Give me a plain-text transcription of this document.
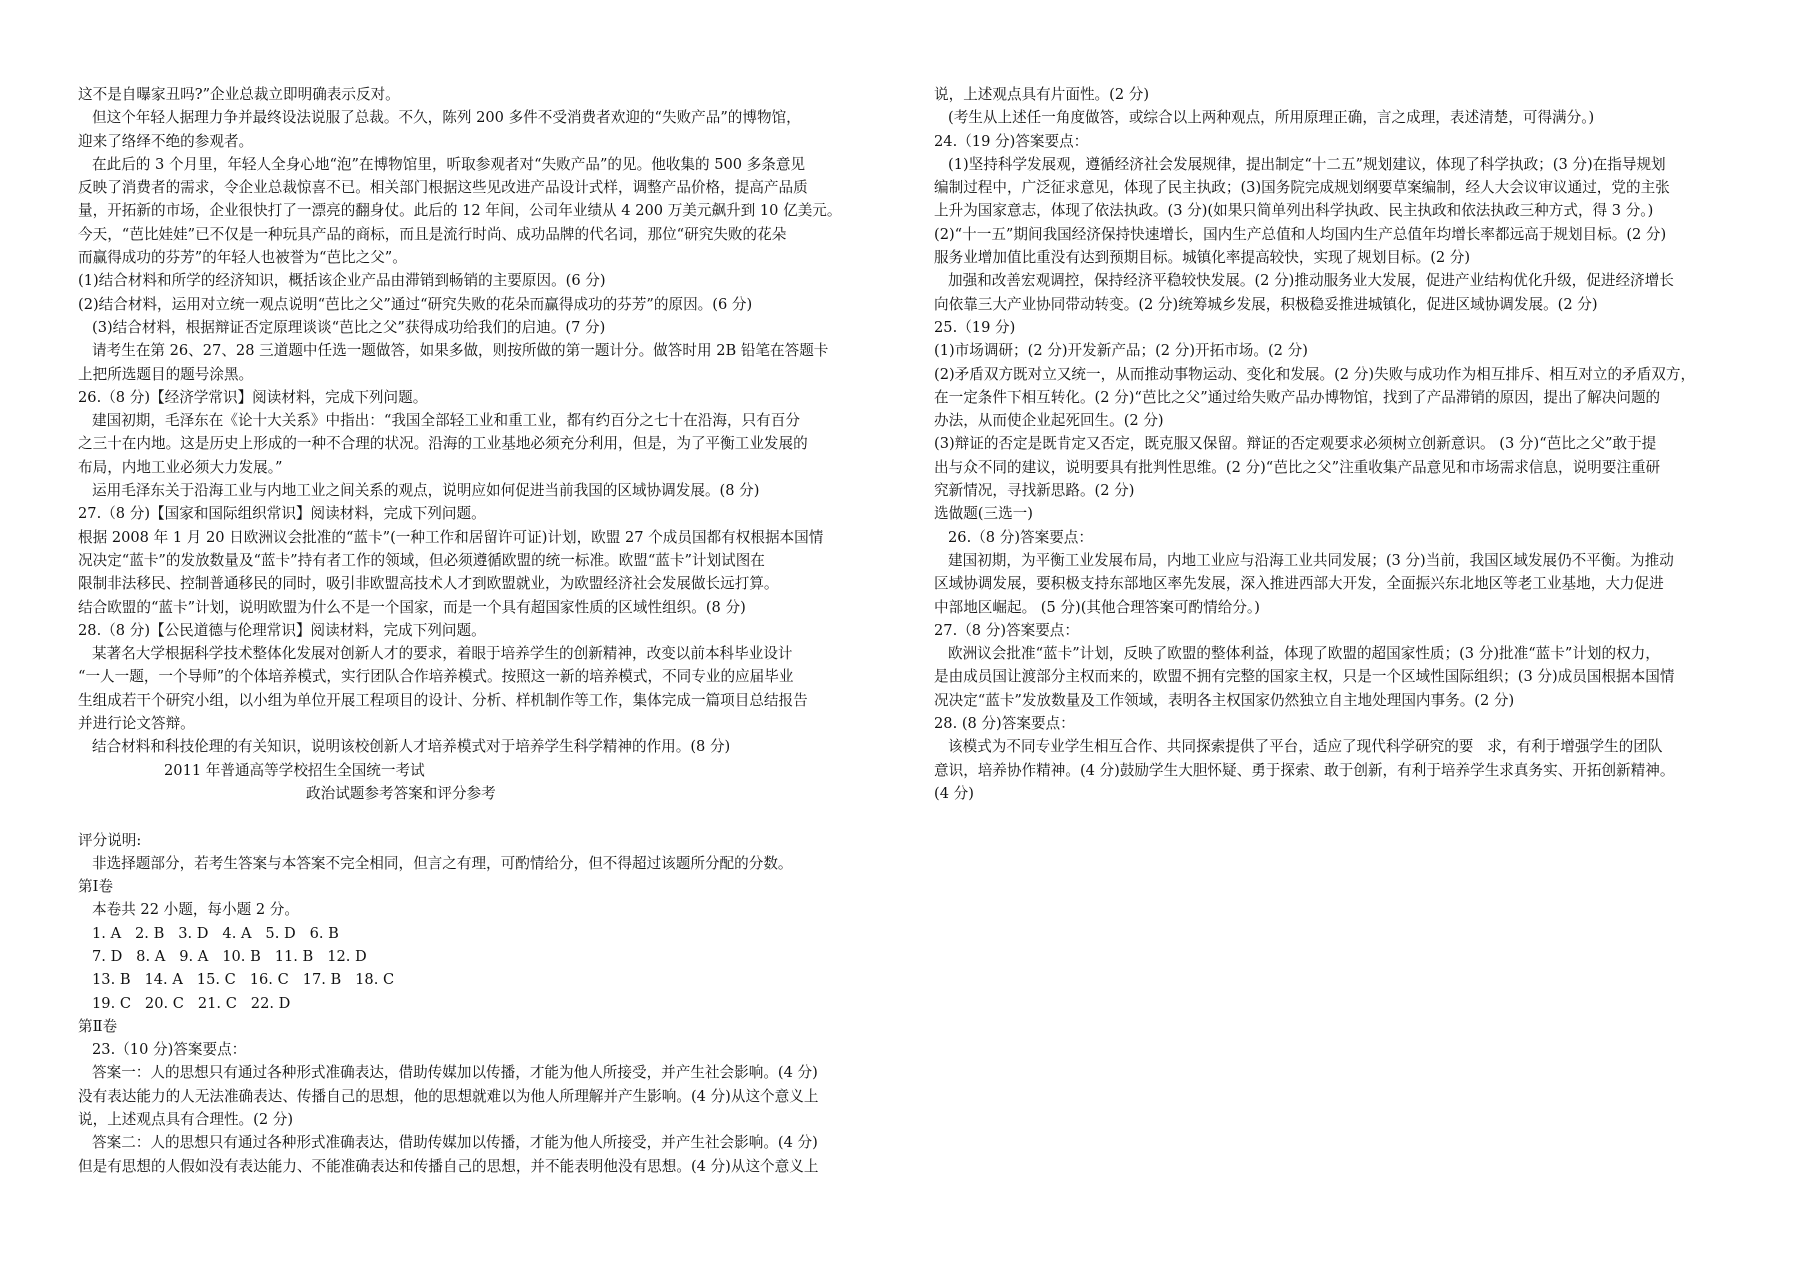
这不是自曝家丑吗?”企业总裁立即明确表示反对。
但这个年轻人据理力争并最终设法说服了总裁。不久，陈列 200 多件不受消费者欢迎的“失败产品”的博物馆，
迎来了络绎不绝的参观者。
在此后的 3 个月里，年轻人全身心地“泡”在博物馆里，听取参观者对“失败产品”的见。他收集的 500 多条意见
反映了消费者的需求，令企业总裁惊喜不已。相关部门根据这些见改进产品设计式样，调整产品价格，提高产品质
量，开拓新的市场，企业很快打了一漂亮的翻身仗。此后的 12 年间，公司年业绩从 4 200 万美元飙升到 10 亿美元。
今天，“芭比娃娃”已不仅是一种玩具产品的商标，而且是流行时尚、成功品牌的代名词，那位“研究失败的花朵
而赢得成功的芬芳”的年轻人也被誉为“芭比之父”。
(1)结合材料和所学的经济知识，概括该企业产品由滞销到畅销的主要原因。(6 分)
(2)结合材料，运用对立统一观点说明“芭比之父”通过“研究失败的花朵而赢得成功的芬芳”的原因。(6 分)
(3)结合材料，根据辩证否定原理谈谈“芭比之父”获得成功给我们的启迪。(7 分)
请考生在第 26、27、28 三道题中任选一题做答，如果多做，则按所做的第一题计分。做答时用 2B 铅笔在答题卡
上把所选题目的题号涂黑。
26.（8 分)【经济学常识】阅读材料，完成下列问题。
建国初期，毛泽东在《论十大关系》中指出：“我国全部轻工业和重工业，都有约百分之七十在沿海，只有百分
之三十在内地。这是历史上形成的一种不合理的状况。沿海的工业基地必须充分利用，但是，为了平衡工业发展的
布局，内地工业必须大力发展。”
运用毛泽东关于沿海工业与内地工业之间关系的观点，说明应如何促进当前我国的区域协调发展。(8 分)
27.（8 分)【国家和国际组织常识】阅读材料，完成下列问题。
根据 2008 年 1 月 20 日欧洲议会批准的“蓝卡”(一种工作和居留许可证)计划，欧盟 27 个成员国都有权根据本国情
况决定“蓝卡”的发放数量及“蓝卡”持有者工作的领域，但必须遵循欧盟的统一标准。欧盟“蓝卡”计划试图在
限制非法移民、控制普通移民的同时，吸引非欧盟高技术人才到欧盟就业，为欧盟经济社会发展做长远打算。
结合欧盟的“蓝卡”计划，说明欧盟为什么不是一个国家，而是一个具有超国家性质的区域性组织。(8 分)
28.（8 分)【公民道德与伦理常识】阅读材料，完成下列问题。
某著名大学根据科学技术整体化发展对创新人才的要求，着眼于培养学生的创新精神，改变以前本科毕业设计
“一人一题，一个导师”的个体培养模式，实行团队合作培养模式。按照这一新的培养模式，不同专业的应届毕业
生组成若干个研究小组，以小组为单位开展工程项目的设计、分析、样机制作等工作，集体完成一篇项目总结报告
并进行论文答辩。
结合材料和科技伦理的有关知识，说明该校创新人才培养模式对于培养学生科学精神的作用。(8 分)
2011 年普通高等学校招生全国统一考试
政治试题参考答案和评分参考
评分说明:
非选择题部分，若考生答案与本答案不完全相同，但言之有理，可酌情给分，但不得超过该题所分配的分数。
第Ⅰ卷
本卷共 22 小题，每小题 2 分。
1. A   2. B   3. D   4. A   5. D   6. B
7. D   8. A   9. A   10. B   11. B   12. D
13. B   14. A   15. C   16. C   17. B   18. C
19. C   20. C   21. C   22. D
第Ⅱ卷
23.（10 分)答案要点：
答案一：人的思想只有通过各种形式准确表达，借助传媒加以传播，才能为他人所接受，并产生社会影响。(4 分)
没有表达能力的人无法准确表达、传播自己的思想，他的思想就难以为他人所理解并产生影响。(4 分)从这个意义上
说，上述观点具有合理性。(2 分)
答案二：人的思想只有通过各种形式准确表达，借助传媒加以传播，才能为他人所接受，并产生社会影响。(4 分)
但是有思想的人假如没有表达能力、不能准确表达和传播自己的思想，并不能表明他没有思想。(4 分)从这个意义上
说，上述观点具有片面性。(2 分)
(考生从上述任一角度做答，或综合以上两种观点，所用原理正确，言之成理，表述清楚，可得满分。)
24.（19 分)答案要点：
(1)坚持科学发展观，遵循经济社会发展规律，提出制定“十二五”规划建议，体现了科学执政；(3 分)在指导规划
编制过程中，广泛征求意见，体现了民主执政；(3)国务院完成规划纲要草案编制，经人大会议审议通过，党的主张
上升为国家意志，体现了依法执政。(3 分)(如果只简单列出科学执政、民主执政和依法执政三种方式，得 3 分。)
(2)“十一五”期间我国经济保持快速增长，国内生产总值和人均国内生产总值年均增长率都远高于规划目标。(2 分)
服务业增加值比重没有达到预期目标。城镇化率提高较快，实现了规划目标。(2 分)
加强和改善宏观调控，保持经济平稳较快发展。(2 分)推动服务业大发展，促进产业结构优化升级，促进经济增长
向依靠三大产业协同带动转变。(2 分)统筹城乡发展，积极稳妥推进城镇化，促进区域协调发展。(2 分)
25.（19 分)
(1)市场调研；(2 分)开发新产品；(2 分)开拓市场。(2 分)
(2)矛盾双方既对立又统一，从而推动事物运动、变化和发展。(2 分)失败与成功作为相互排斥、相互对立的矛盾双方，
在一定条件下相互转化。(2 分)“芭比之父”通过给失败产品办博物馆，找到了产品滞销的原因，提出了解决问题的
办法，从而使企业起死回生。(2 分)
(3)辩证的否定是既肯定又否定，既克服又保留。辩证的否定观要求必须树立创新意识。 (3 分)“芭比之父”敢于提
出与众不同的建议，说明要具有批判性思维。(2 分)“芭比之父”注重收集产品意见和市场需求信息，说明要注重研
究新情况，寻找新思路。(2 分)
选做题(三选一)
26.（8 分)答案要点：
建国初期，为平衡工业发展布局，内地工业应与沿海工业共同发展；(3 分)当前，我国区域发展仍不平衡。为推动
区域协调发展，要积极支持东部地区率先发展，深入推进西部大开发，全面振兴东北地区等老工业基地，大力促进
中部地区崛起。 (5 分)(其他合理答案可酌情给分。)
27.（8 分)答案要点：
欧洲议会批准“蓝卡”计划，反映了欧盟的整体利益，体现了欧盟的超国家性质；(3 分)批准“蓝卡”计划的权力，
是由成员国让渡部分主权而来的，欧盟不拥有完整的国家主权，只是一个区域性国际组织；(3 分)成员国根据本国情
况决定“蓝卡”发放数量及工作领域，表明各主权国家仍然独立自主地处理国内事务。(2 分)
28. (8 分)答案要点：
该模式为不同专业学生相互合作、共同探索提供了平台，适应了现代科学研究的要   求，有利于增强学生的团队
意识，培养协作精神。(4 分)鼓励学生大胆怀疑、勇于探索、敢于创新，有利于培养学生求真务实、开拓创新精神。
(4 分)
